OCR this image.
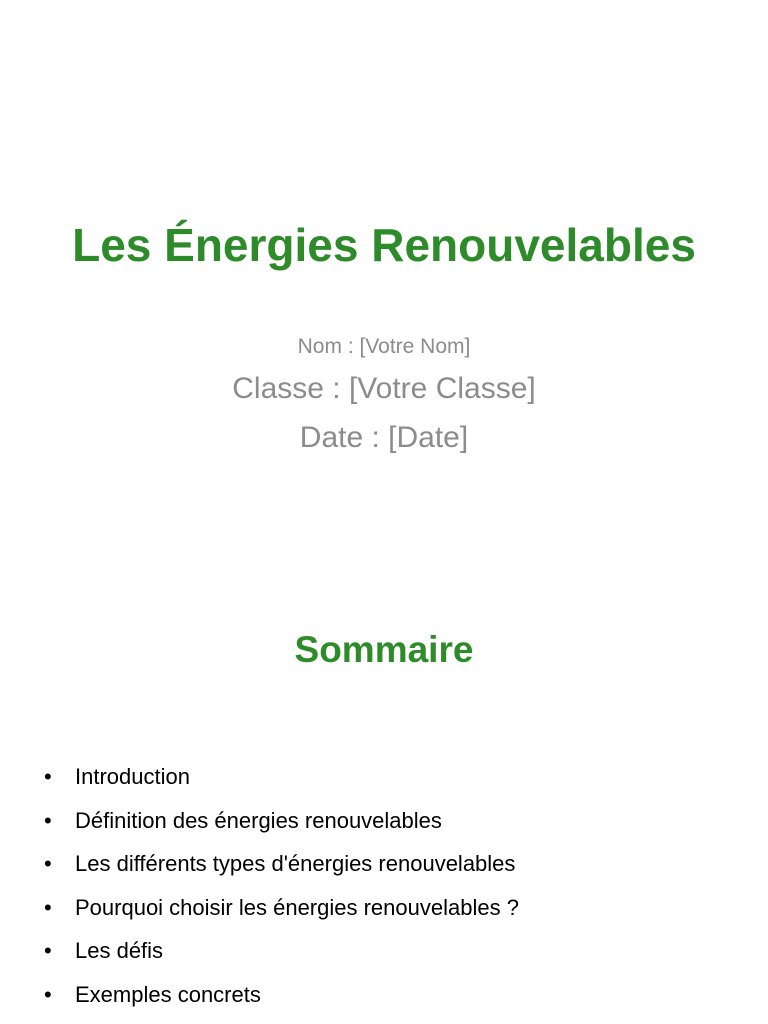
Les Énergies Renouvelables

Nom : [Votre Nom]

Classe : [Votre Classe]

Date : [Date]

Sommaire
• Introduction
• Définition des énergies renouvelables
• Les différents types d'énergies renouvelables
• Pourquoi choisir les énergies renouvelables ?
• Les défis
• Exemples concrets
